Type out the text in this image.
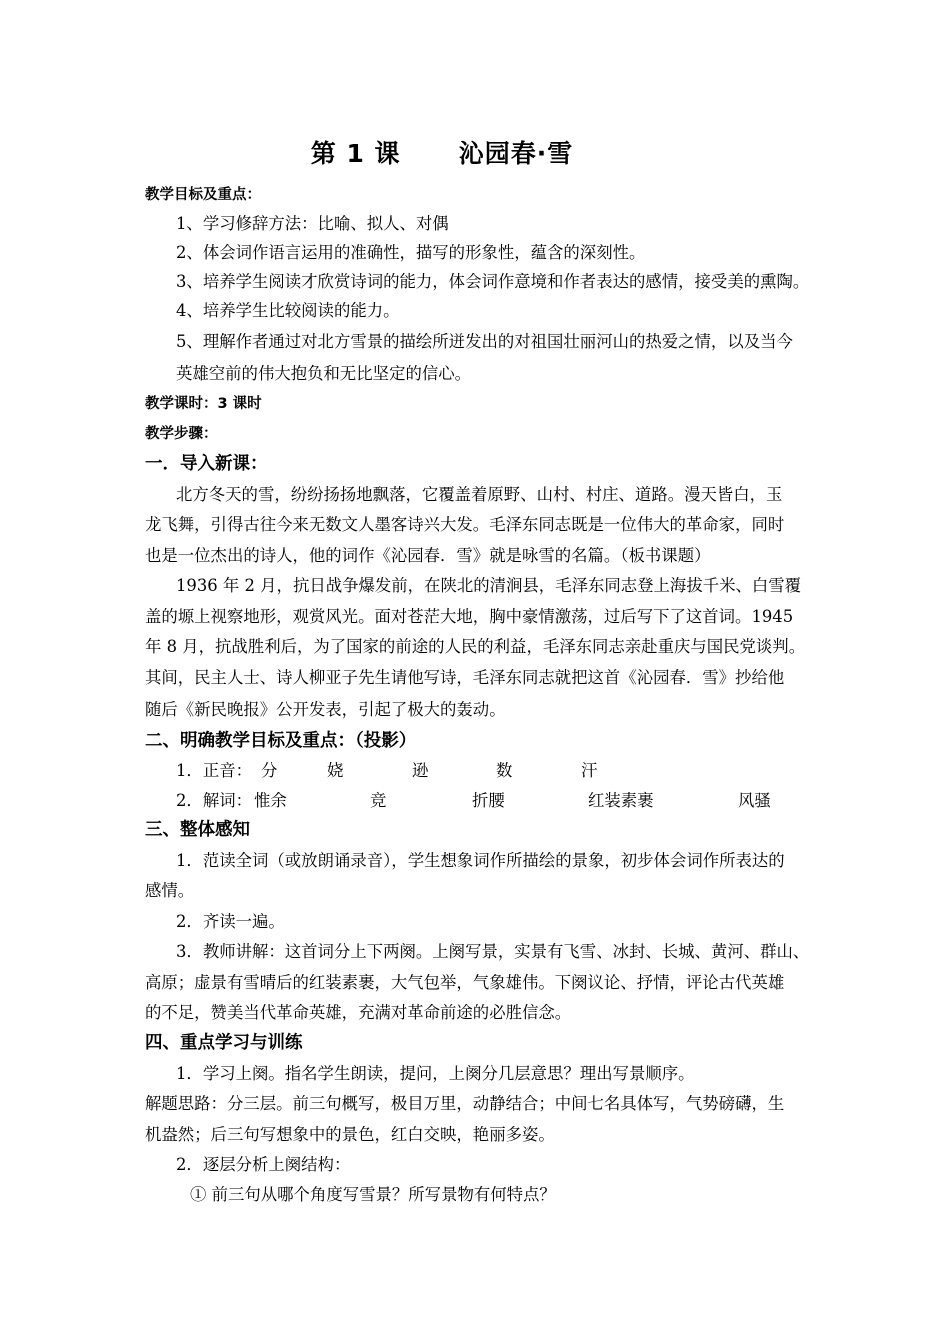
第 1 课      沁园春·雪
教学目标及重点：
1、学习修辞方法：比喻、拟人、对偶
2、体会词作语言运用的准确性，描写的形象性，蕴含的深刻性。
3、培养学生阅读才欣赏诗词的能力，体会词作意境和作者表达的感情，接受美的熏陶。
4、培养学生比较阅读的能力。
5、理解作者通过对北方雪景的描绘所迸发出的对祖国壮丽河山的热爱之情，以及当今
英雄空前的伟大抱负和无比坚定的信心。
教学课时：3 课时
教学步骤：
一．导入新课：
北方冬天的雪，纷纷扬扬地飘落，它覆盖着原野、山村、村庄、道路。漫天皆白，玉
龙飞舞，引得古往今来无数文人墨客诗兴大发。毛泽东同志既是一位伟大的革命家，同时
也是一位杰出的诗人，他的词作《沁园春．雪》就是咏雪的名篇。（板书课题）
1936 年 2 月，抗日战争爆发前，在陕北的清涧县，毛泽东同志登上海拔千米、白雪覆
盖的塬上视察地形，观赏风光。面对苍茫大地，胸中豪情激荡，过后写下了这首词。1945
年 8 月，抗战胜利后，为了国家的前途的人民的利益，毛泽东同志亲赴重庆与国民党谈判。
其间，民主人士、诗人柳亚子先生请他写诗，毛泽东同志就把这首《沁园春．雪》抄给他
随后《新民晚报》公开发表，引起了极大的轰动。
二、明确教学目标及重点：（投影）
1．正音： 分	娆	逊	数	汗
2．解词： 惟余	竞	折腰	红装素裹	风骚
三、整体感知
1．范读全词（或放朗诵录音），学生想象词作所描绘的景象，初步体会词作所表达的
感情。
2．齐读一遍。
3．教师讲解：这首词分上下两阕。上阕写景，实景有飞雪、冰封、长城、黄河、群山、
高原；虚景有雪晴后的红装素裹，大气包举，气象雄伟。下阕议论、抒情，评论古代英雄
的不足，赞美当代革命英雄，充满对革命前途的必胜信念。
四、重点学习与训练
1．学习上阕。指名学生朗读，提问，上阕分几层意思？理出写景顺序。
解题思路：分三层。前三句概写，极目万里，动静结合；中间七名具体写，气势磅礴，生
机盎然；后三句写想象中的景色，红白交映，艳丽多姿。
2．逐层分析上阕结构：
① 前三句从哪个角度写雪景？所写景物有何特点？
